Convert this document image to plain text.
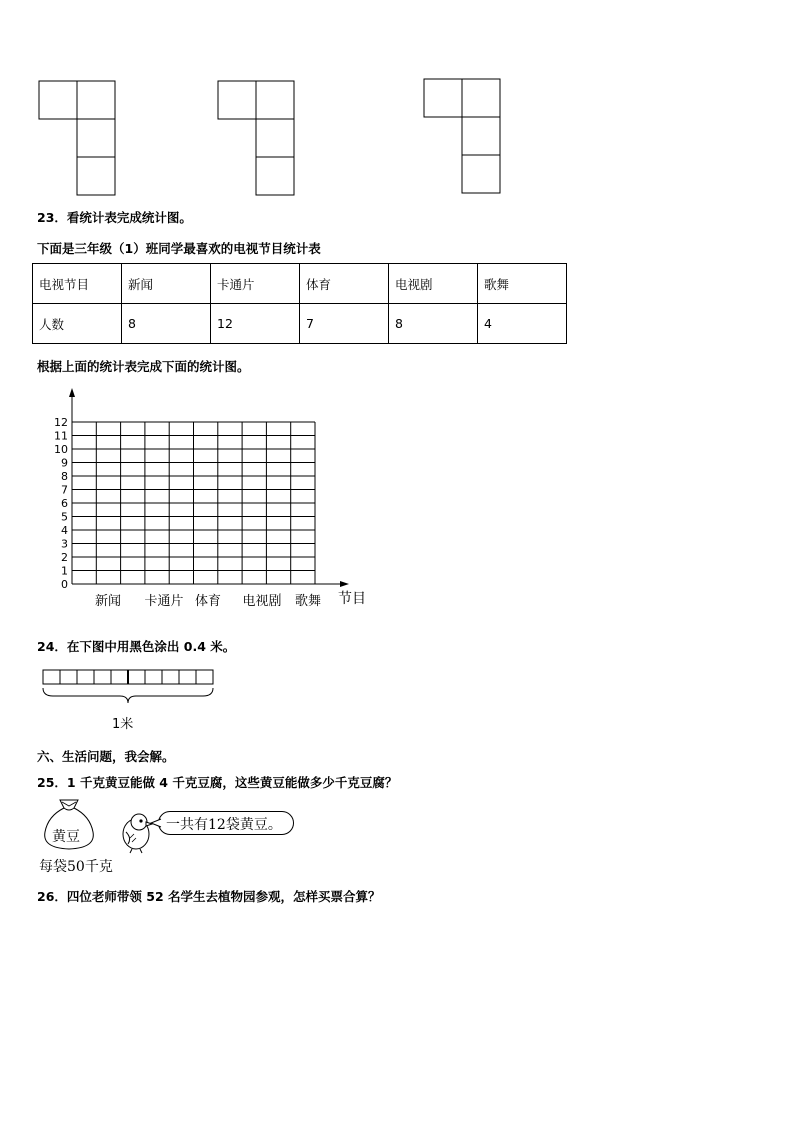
23．看统计表完成统计图。
下面是三年级（1）班同学最喜欢的电视节目统计表
电视节目	新闻	卡通片	体育	电视剧	歌舞
人数	8	12	7	8	4
根据上面的统计表完成下面的统计图。
0
1
2
3
4
5
6
7
8
9
10
11
12
新闻 卡通片 体育 电视剧 歌舞 节目
24．在下图中用黑色涂出 0.4 米。
1米
六、生活问题，我会解。
25．1 千克黄豆能做 4 千克豆腐，这些黄豆能做多少千克豆腐？
黄豆
一共有12袋黄豆。
每袋50千克
26．四位老师带领 52 名学生去植物园参观，怎样买票合算？
